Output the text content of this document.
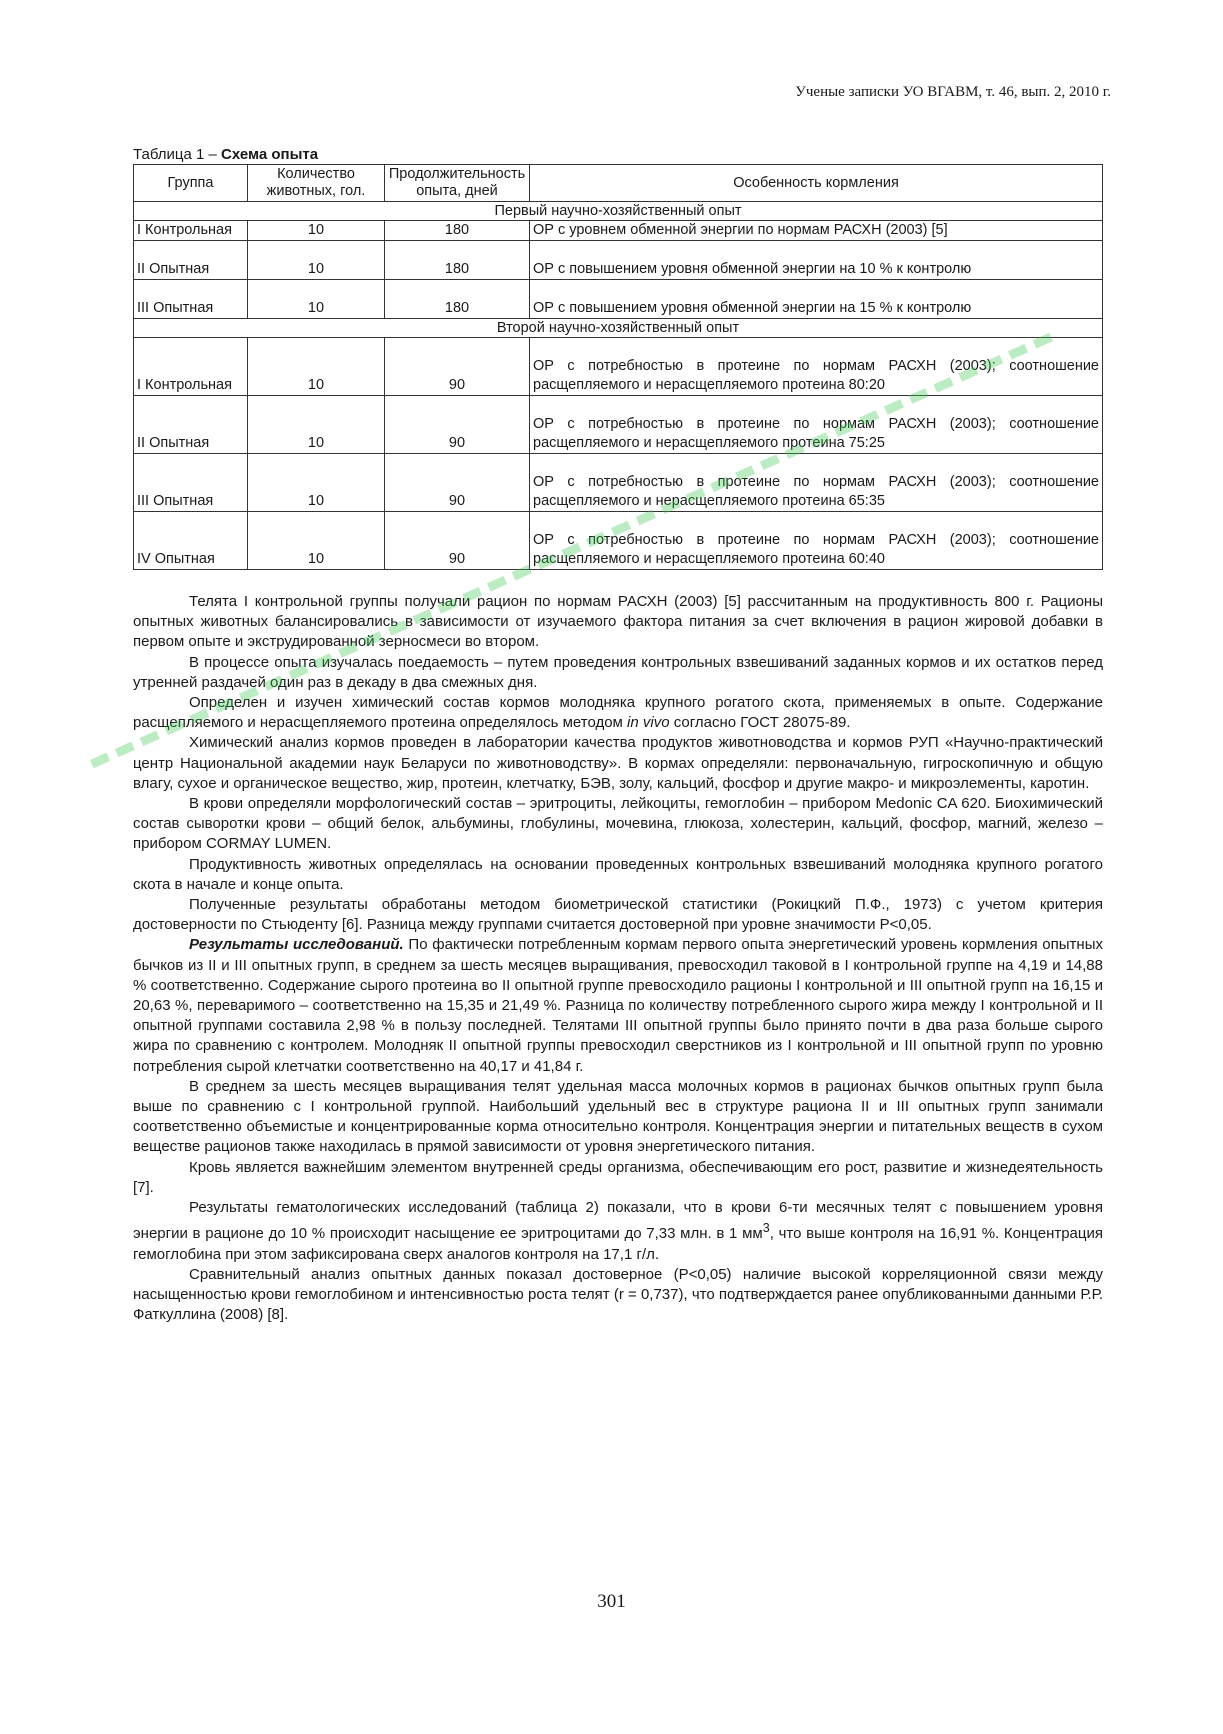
Ученые записки УО ВГАВМ, т. 46, вып. 2, 2010 г.
Таблица 1 – Схема опыта
Группа	Количество животных, гол.	Продолжительность опыта, дней	Особенность кормления
Первый научно-хозяйственный опыт			
I Контрольная	10	180	ОР с уровнем обменной энергии по нормам РАСХН (2003) [5]
II Опытная	10	180	ОР с повышением уровня обменной энергии на 10 % к контролю
III Опытная	10	180	ОР с повышением уровня обменной энергии на 15 % к контролю
Второй научно-хозяйственный опыт			
I Контрольная	10	90	ОР с потребностью в протеине по нормам РАСХН (2003); соотношение расщепляемого и нерасщепляемого протеина 80:20
II Опытная	10	90	ОР с потребностью в протеине по нормам РАСХН (2003); соотношение расщепляемого и нерасщепляемого протеина 75:25
III Опытная	10	90	ОР с потребностью в протеине по нормам РАСХН (2003); соотношение расщепляемого и нерасщепляемого протеина 65:35
IV Опытная	10	90	ОР с потребностью в протеине по нормам РАСХН (2003); соотношение расщепляемого и нерасщепляемого протеина 60:40

Телята I контрольной группы получали рацион по нормам РАСХН (2003) [5] рассчитанным на продуктивность 800 г. Рационы опытных животных балансировались в зависимости от изучаемого фактора питания за счет включения в рацион жировой добавки в первом опыте и экструдированной зерносмеси во втором.

В процессе опыта изучалась поедаемость – путем проведения контрольных взвешиваний заданных кормов и их остатков перед утренней раздачей один раз в декаду в два смежных дня.

Определен и изучен химический состав кормов молодняка крупного рогатого скота, применяемых в опыте. Содержание расщепляемого и нерасщепляемого протеина определялось методом in vivo согласно ГОСТ 28075-89.

Химический анализ кормов проведен в лаборатории качества продуктов животноводства и кормов РУП «Научно-практический центр Национальной академии наук Беларуси по животноводству». В кормах определяли: первоначальную, гигроскопичную и общую влагу, сухое и органическое вещество, жир, протеин, клетчатку, БЭВ, золу, кальций, фосфор и другие макро- и микроэлементы, каротин.

В крови определяли морфологический состав – эритроциты, лейкоциты, гемоглобин – прибором Medonic CA 620. Биохимический состав сыворотки крови – общий белок, альбумины, глобулины, мочевина, глюкоза, холестерин, кальций, фосфор, магний, железо – прибором CORMAY LUMEN.

Продуктивность животных определялась на основании проведенных контрольных взвешиваний молодняка крупного рогатого скота в начале и конце опыта.

Полученные результаты обработаны методом биометрической статистики (Рокицкий П.Ф., 1973) с учетом критерия достоверности по Стьюденту [6]. Разница между группами считается достоверной при уровне значимости P<0,05.

Результаты исследований. По фактически потребленным кормам первого опыта энергетический уровень кормления опытных бычков из II и III опытных групп, в среднем за шесть месяцев выращивания, превосходил таковой в I контрольной группе на 4,19 и 14,88 % соответственно. Содержание сырого протеина во II опытной группе превосходило рационы I контрольной и III опытной групп на 16,15 и 20,63 %, переваримого – соответственно на 15,35 и 21,49 %. Разница по количеству потребленного сырого жира между I контрольной и II опытной группами составила 2,98 % в пользу последней. Телятами III опытной группы было принято почти в два раза больше сырого жира по сравнению с контролем. Молодняк II опытной группы превосходил сверстников из I контрольной и III опытной групп по уровню потребления сырой клетчатки соответственно на 40,17 и 41,84 г.

В среднем за шесть месяцев выращивания телят удельная масса молочных кормов в рационах бычков опытных групп была выше по сравнению с I контрольной группой. Наибольший удельный вес в структуре рациона II и III опытных групп занимали соответственно объемистые и концентрированные корма относительно контроля. Концентрация энергии и питательных веществ в сухом веществе рационов также находилась в прямой зависимости от уровня энергетического питания.

Кровь является важнейшим элементом внутренней среды организма, обеспечивающим его рост, развитие и жизнедеятельность [7].

Результаты гематологических исследований (таблица 2) показали, что в крови 6-ти месячных телят с повышением уровня энергии в рационе до 10 % происходит насыщение ее эритроцитами до 7,33 млн. в 1 $мм^3$, что выше контроля на 16,91 %. Концентрация гемоглобина при этом зафиксирована сверх аналогов контроля на 17,1 г/л.

Сравнительный анализ опытных данных показал достоверное (P<0,05) наличие высокой корреляционной связи между насыщенностью крови гемоглобином и интенсивностью роста телят (r = 0,737), что подтверждается ранее опубликованными данными Р.Р. Фаткуллина (2008) [8].

301
